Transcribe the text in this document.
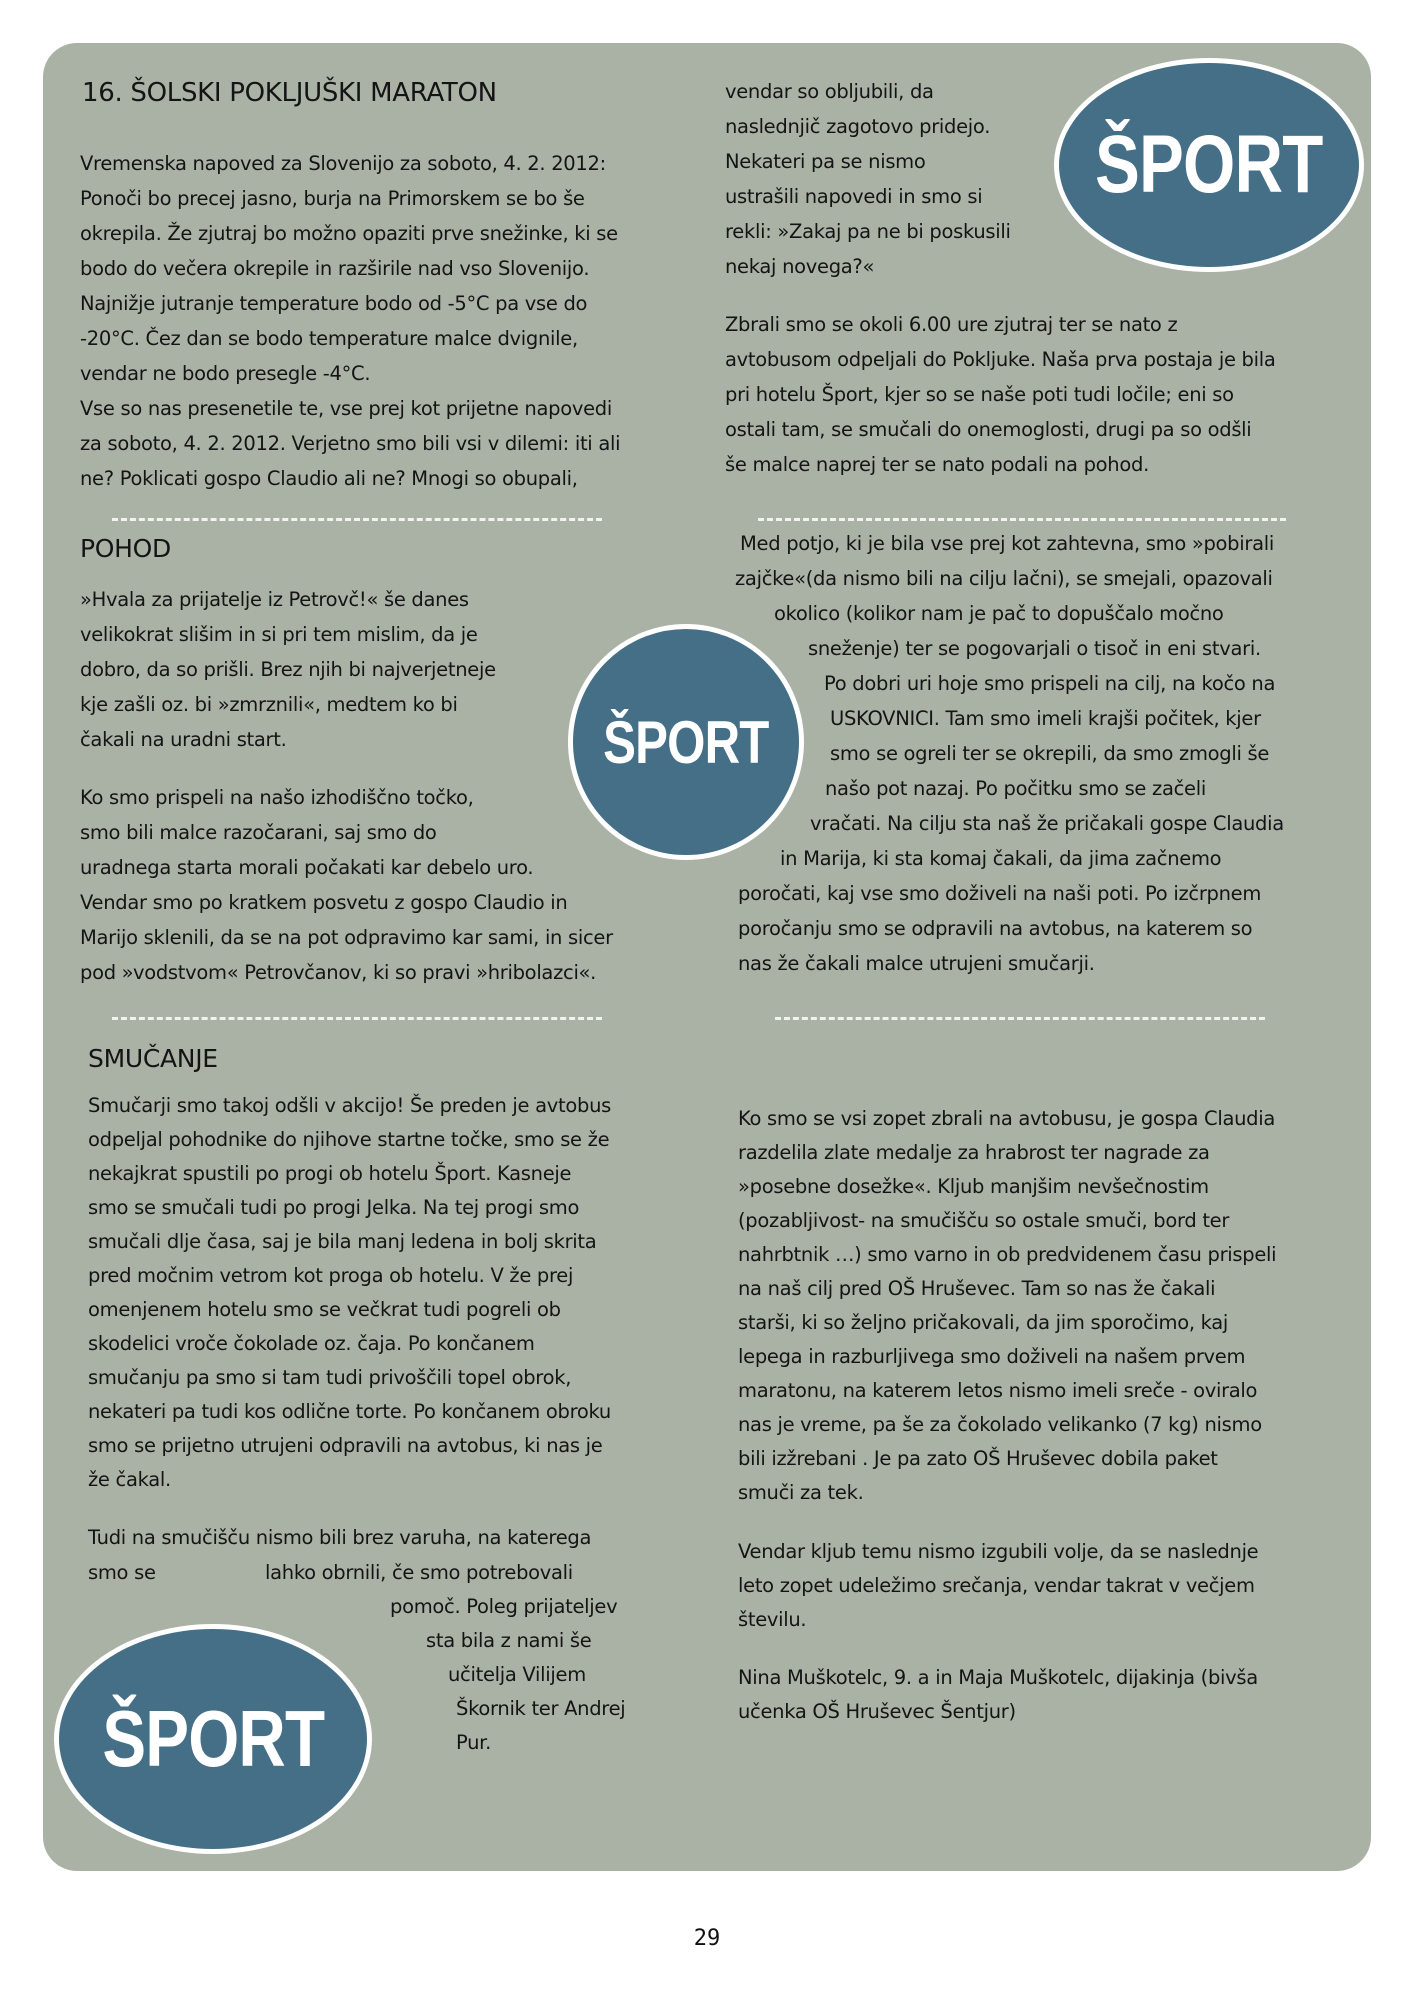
16. ŠOLSKI POKLJUŠKI MARATON
Vremenska napoved za Slovenijo za soboto, 4. 2. 2012:
Ponoči bo precej jasno, burja na Primorskem se bo še
okrepila. Že zjutraj bo možno opaziti prve snežinke, ki se
bodo do večera okrepile in razširile nad vso Slovenijo.
Najnižje jutranje temperature bodo od -5°C pa vse do
-20°C. Čez dan se bodo temperature malce dvignile,
vendar ne bodo presegle -4°C.
Vse so nas presenetile te, vse prej kot prijetne napovedi
za soboto, 4. 2. 2012. Verjetno smo bili vsi v dilemi: iti ali
ne? Poklicati gospo Claudio ali ne? Mnogi so obupali,
vendar so obljubili, da
naslednjič zagotovo pridejo.
Nekateri pa se nismo
ustrašili napovedi in smo si
rekli: »Zakaj pa ne bi poskusili
nekaj novega?«
ŠPORT
Zbrali smo se okoli 6.00 ure zjutraj ter se nato z
avtobusom odpeljali do Pokljuke. Naša prva postaja je bila
pri hotelu Šport, kjer so se naše poti tudi ločile; eni so
ostali tam, se smučali do onemoglosti, drugi pa so odšli
še malce naprej ter se nato podali na pohod.
POHOD
»Hvala za prijatelje iz Petrovč!« še danes
velikokrat slišim in si pri tem mislim, da je
dobro, da so prišli. Brez njih bi najverjetneje
kje zašli oz. bi »zmrznili«, medtem ko bi
čakali na uradni start.
Ko smo prispeli na našo izhodiščno točko,
smo bili malce razočarani, saj smo do
uradnega starta morali počakati kar debelo uro.
Vendar smo po kratkem posvetu z gospo Claudio in
Marijo sklenili, da se na pot odpravimo kar sami, in sicer
pod »vodstvom« Petrovčanov, ki so pravi »hribolazci«.
ŠPORT
Med potjo, ki je bila vse prej kot zahtevna, smo »pobirali
zajčke«(da nismo bili na cilju lačni), se smejali, opazovali
okolico (kolikor nam je pač to dopuščalo močno
sneženje) ter se pogovarjali o tisoč in eni stvari.
Po dobri uri hoje smo prispeli na cilj, na kočo na
USKOVNICI. Tam smo imeli krajši počitek, kjer
smo se ogreli ter se okrepili, da smo zmogli še
našo pot nazaj. Po počitku smo se začeli
vračati. Na cilju sta naš že pričakali gospe Claudia
in Marija, ki sta komaj čakali, da jima začnemo
poročati, kaj vse smo doživeli na naši poti. Po izčrpnem
poročanju smo se odpravili na avtobus, na katerem so
nas že čakali malce utrujeni smučarji.
SMUČANJE
Smučarji smo takoj odšli v akcijo! Še preden je avtobus
odpeljal pohodnike do njihove startne točke, smo se že
nekajkrat spustili po progi ob hotelu Šport. Kasneje
smo se smučali tudi po progi Jelka. Na tej progi smo
smučali dlje časa, saj je bila manj ledena in bolj skrita
pred močnim vetrom kot proga ob hotelu. V že prej
omenjenem hotelu smo se večkrat tudi pogreli ob
skodelici vroče čokolade oz. čaja. Po končanem
smučanju pa smo si tam tudi privoščili topel obrok,
nekateri pa tudi kos odlične torte. Po končanem obroku
smo se prijetno utrujeni odpravili na avtobus, ki nas je
že čakal.
Tudi na smučišču nismo bili brez varuha, na katerega
smo se	lahko obrnili, če smo potrebovali
pomoč. Poleg prijateljev
sta bila z nami še
učitelja Vilijem
Škornik ter Andrej
Pur.
ŠPORT
Ko smo se vsi zopet zbrali na avtobusu, je gospa Claudia
razdelila zlate medalje za hrabrost ter nagrade za
»posebne dosežke«. Kljub manjšim nevšečnostim
(pozabljivost- na smučišču so ostale smuči, bord ter
nahrbtnik …) smo varno in ob predvidenem času prispeli
na naš cilj pred OŠ Hruševec. Tam so nas že čakali
starši, ki so željno pričakovali, da jim sporočimo, kaj
lepega in razburljivega smo doživeli na našem prvem
maratonu, na katerem letos nismo imeli sreče - oviralo
nas je vreme, pa še za čokolado velikanko (7 kg) nismo
bili izžrebani . Je pa zato OŠ Hruševec dobila paket
smuči za tek.
Vendar kljub temu nismo izgubili volje, da se naslednje
leto zopet udeležimo srečanja, vendar takrat v večjem
številu.
Nina Muškotelc, 9. a in Maja Muškotelc, dijakinja (bivša
učenka OŠ Hruševec Šentjur)
29
